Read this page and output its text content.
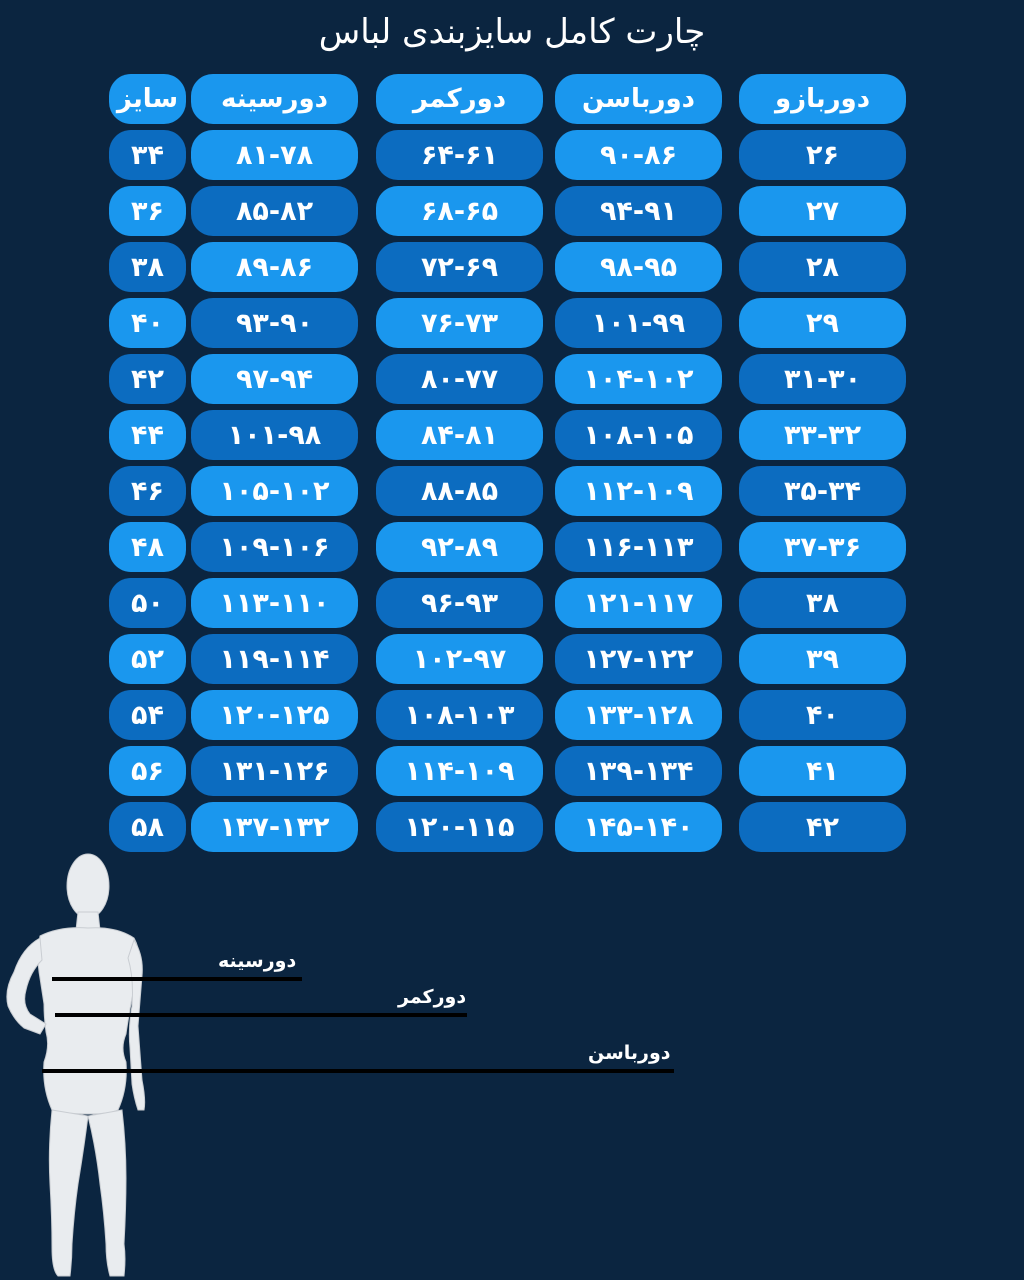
چارت کامل سایزبندی لباس
سایز	دورسینه	دورکمر	دورباسن	دوربازو
۳۴	۸۱-۷۸	۶۴-۶۱	۹۰-۸۶	۲۶
۳۶	۸۵-۸۲	۶۸-۶۵	۹۴-۹۱	۲۷
۳۸	۸۹-۸۶	۷۲-۶۹	۹۸-۹۵	۲۸
۴۰	۹۳-۹۰	۷۶-۷۳	۱۰۱-۹۹	۲۹
۴۲	۹۷-۹۴	۸۰-۷۷	۱۰۴-۱۰۲	۳۱-۳۰
۴۴	۱۰۱-۹۸	۸۴-۸۱	۱۰۸-۱۰۵	۳۳-۳۲
۴۶	۱۰۵-۱۰۲	۸۸-۸۵	۱۱۲-۱۰۹	۳۵-۳۴
۴۸	۱۰۹-۱۰۶	۹۲-۸۹	۱۱۶-۱۱۳	۳۷-۳۶
۵۰	۱۱۳-۱۱۰	۹۶-۹۳	۱۲۱-۱۱۷	۳۸
۵۲	۱۱۹-۱۱۴	۱۰۲-۹۷	۱۲۷-۱۲۲	۳۹
۵۴	۱۲۰-۱۲۵	۱۰۸-۱۰۳	۱۳۳-۱۲۸	۴۰
۵۶	۱۳۱-۱۲۶	۱۱۴-۱۰۹	۱۳۹-۱۳۴	۴۱
۵۸	۱۳۷-۱۳۲	۱۲۰-۱۱۵	۱۴۵-۱۴۰	۴۲
دورسینه
دورکمر
دورباسن
